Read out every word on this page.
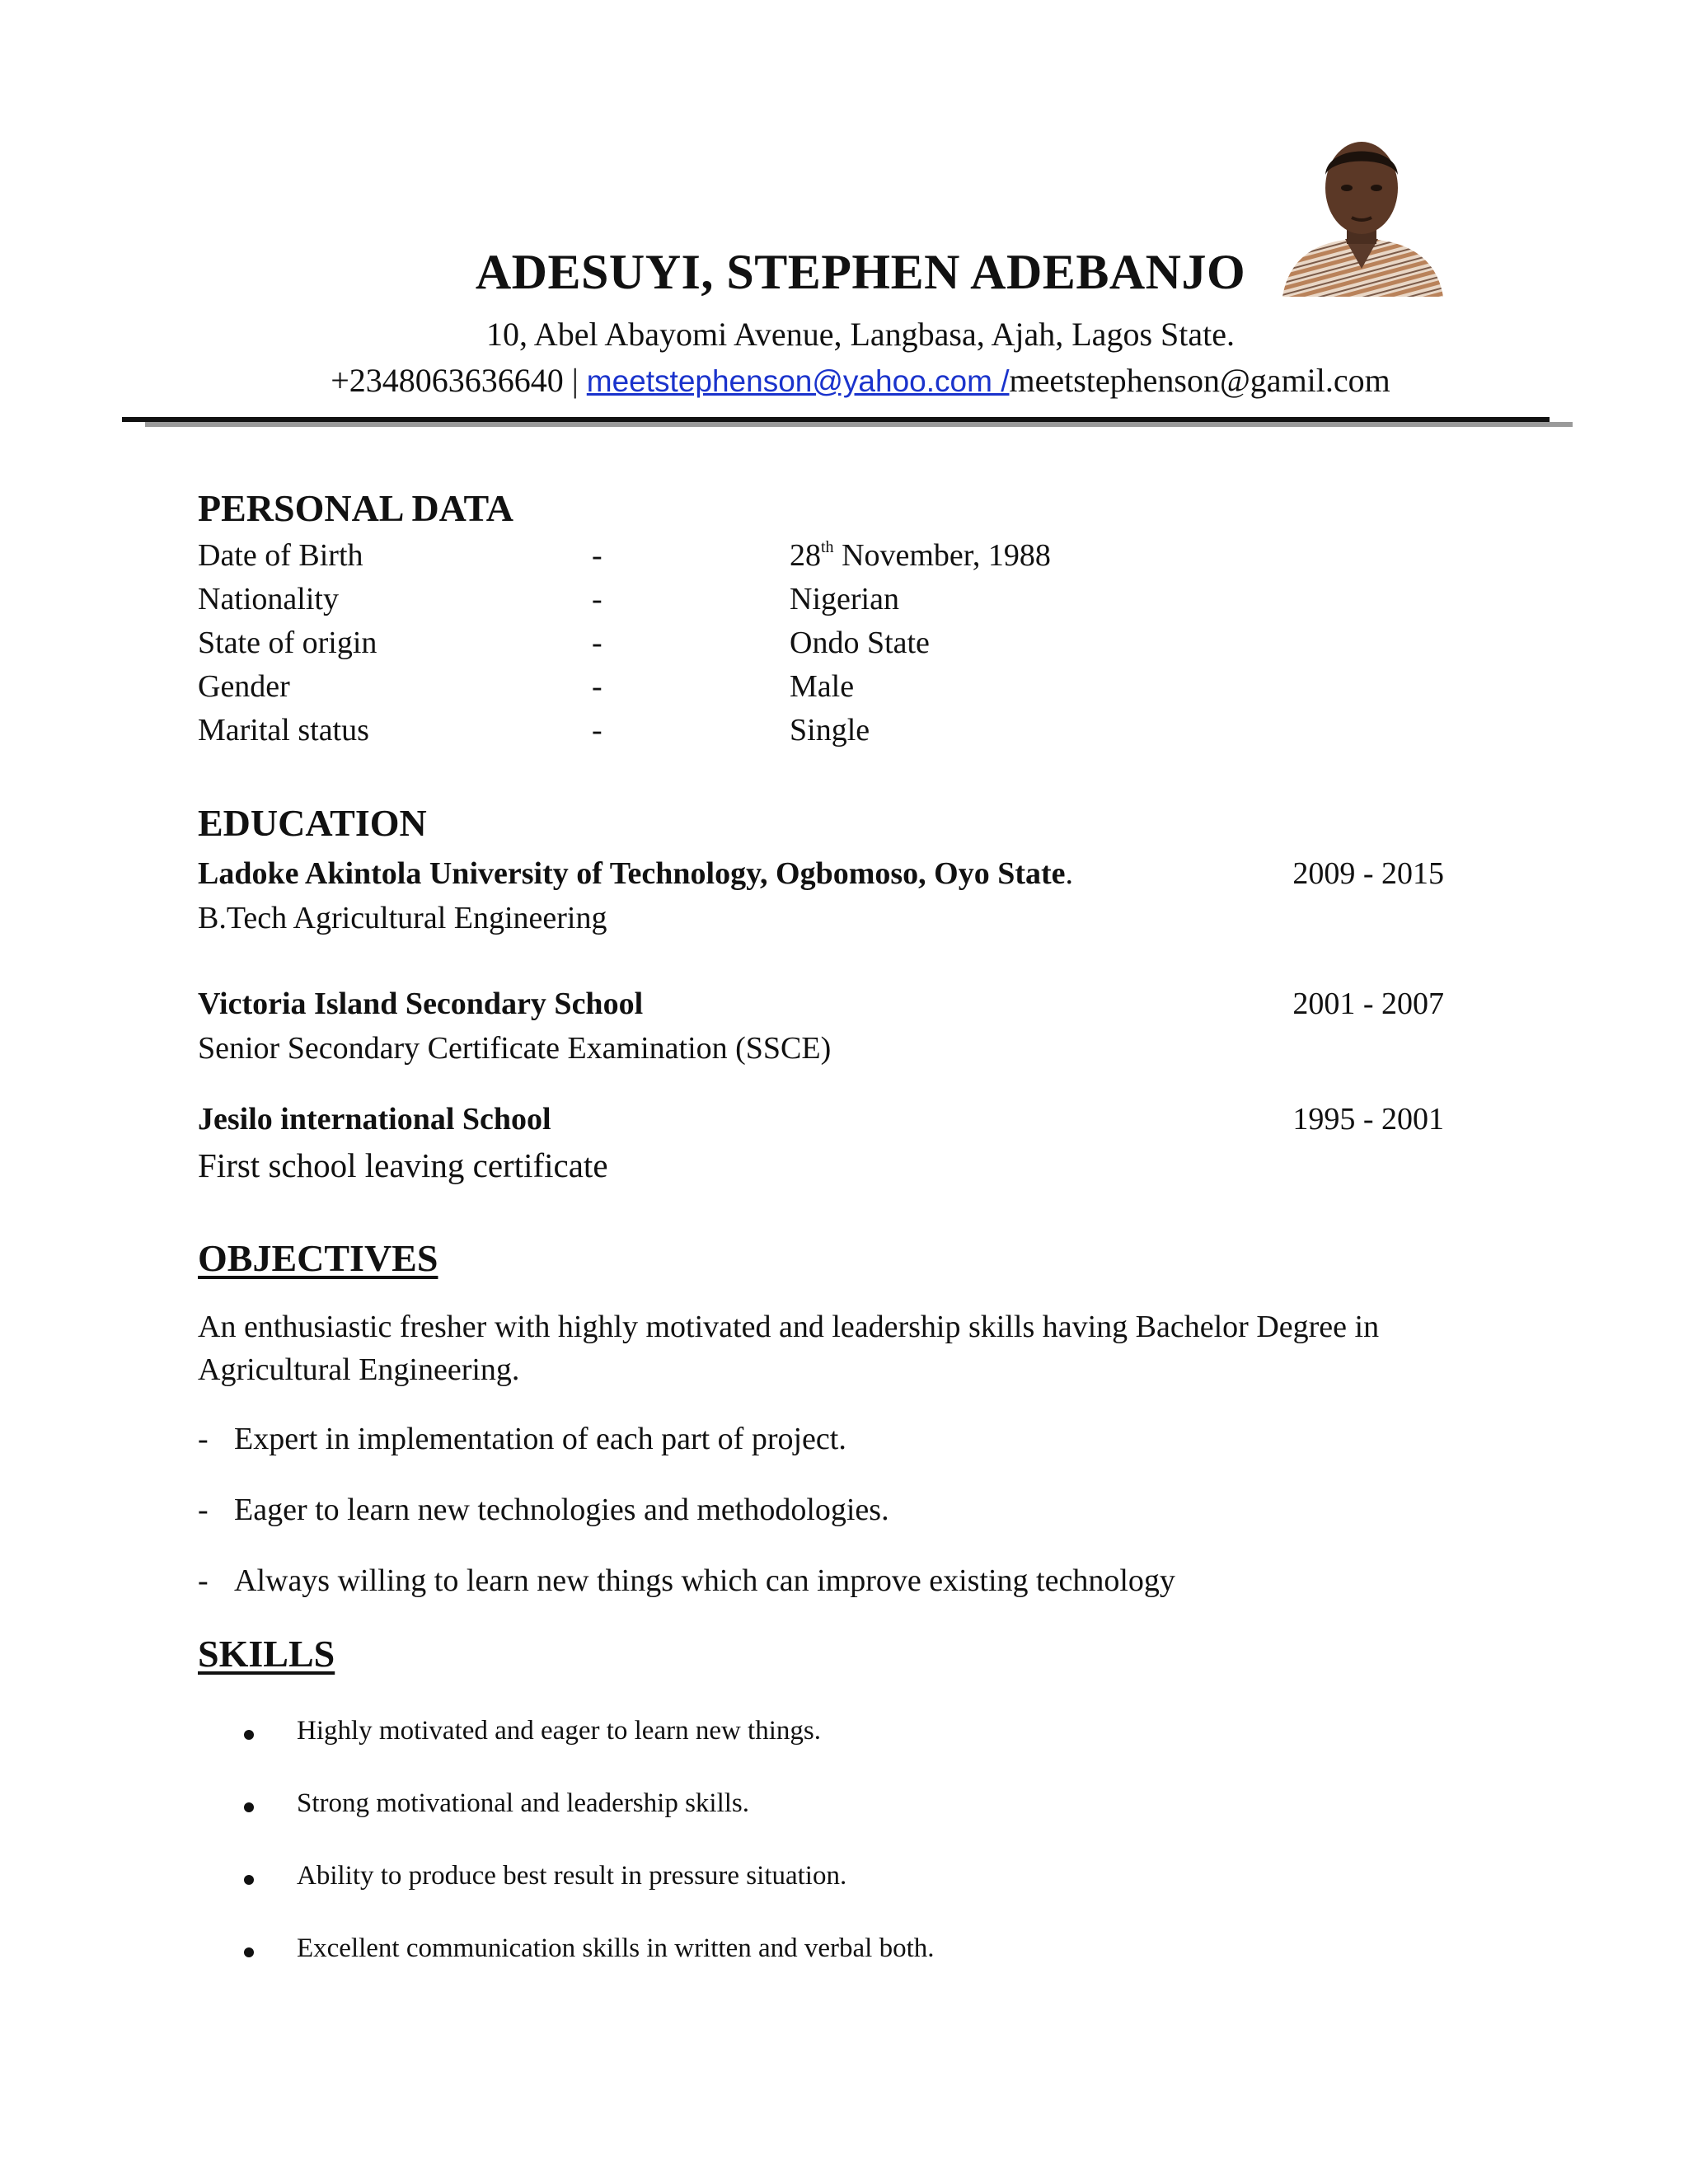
ADESUYI, STEPHEN ADEBANJO
10, Abel Abayomi Avenue, Langbasa, Ajah, Lagos State.
+2348063636640 | meetstephenson@yahoo.com /meetstephenson@gamil.com
PERSONAL DATA
Date of Birth	-	28th November, 1988
Nationality	-	Nigerian
State of origin	-	Ondo State
Gender	-	Male
Marital status	-	Single
EDUCATION
Ladoke Akintola University of Technology, Ogbomoso, Oyo State.	2009 - 2015
B.Tech Agricultural Engineering
Victoria Island Secondary School	2001 - 2007
Senior Secondary Certificate Examination (SSCE)
Jesilo international School	1995 - 2001
First school leaving certificate
OBJECTIVES

An enthusiastic fresher with highly motivated and leadership skills having Bachelor Degree in Agricultural Engineering.

- Expert in implementation of each part of project.
- Eager to learn new technologies and methodologies.
- Always willing to learn new things which can improve existing technology
SKILLS
Highly motivated and eager to learn new things.
Strong motivational and leadership skills.
Ability to produce best result in pressure situation.
Excellent communication skills in written and verbal both.
